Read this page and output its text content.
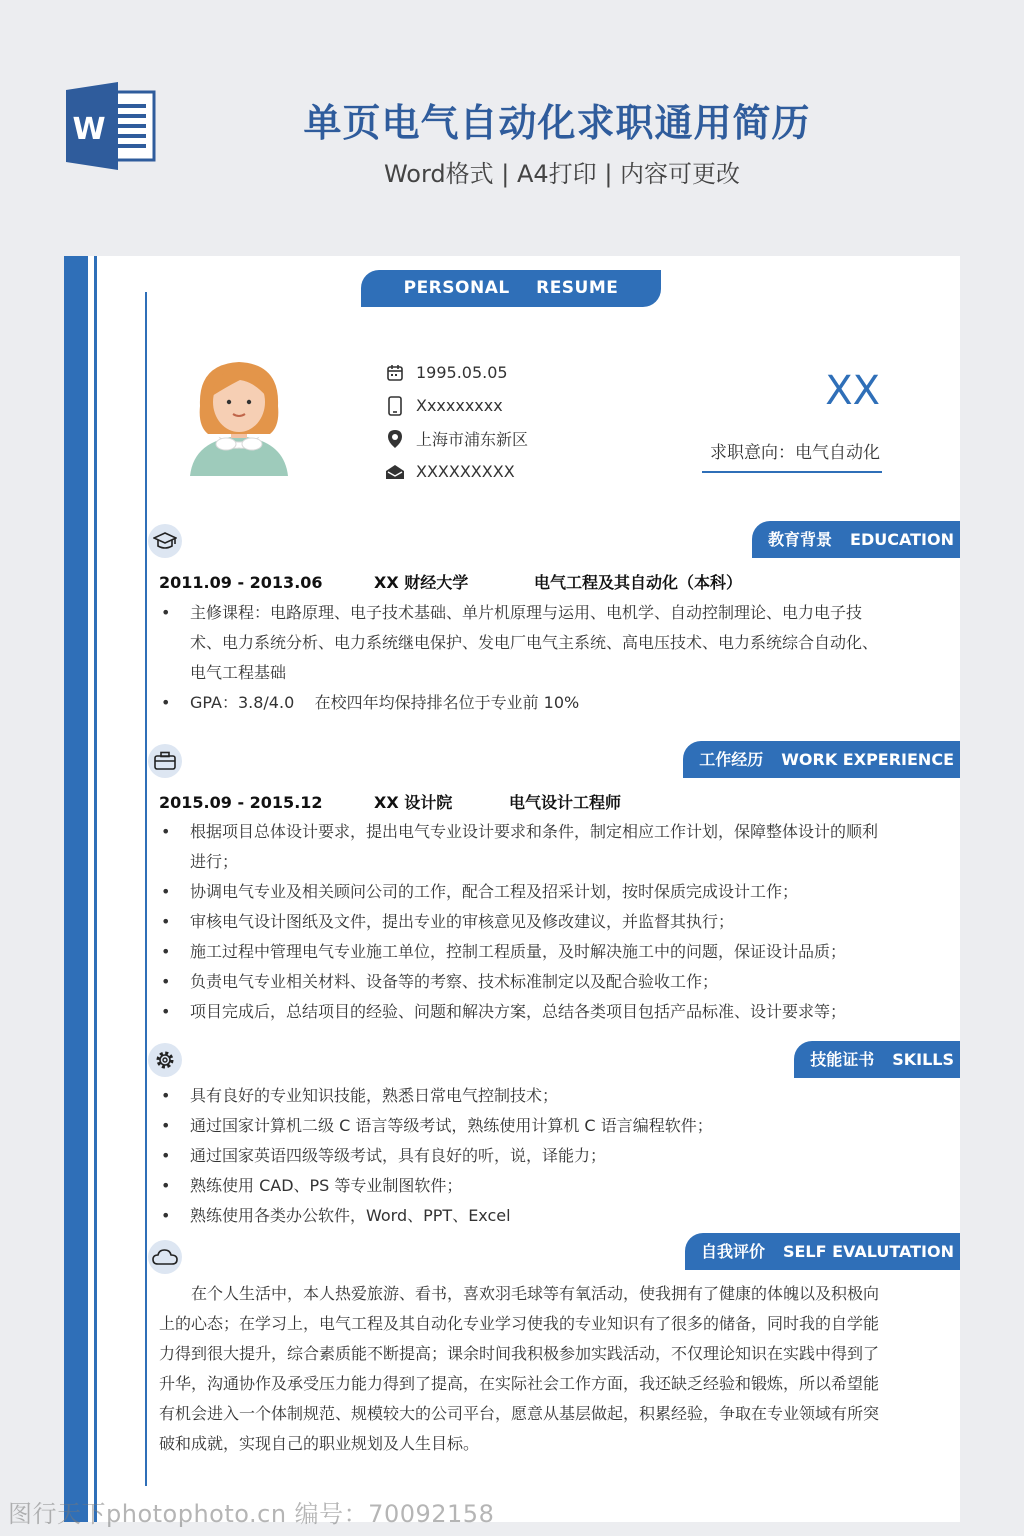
W	单页电气自动化求职通用简历
Word格式 | A4打印 | 内容可更改
PERSONAL RESUME
1995.05.05
Xxxxxxxxx
上海市浦东新区
XXXXXXXXX
XX
求职意向：电气自动化
教育背景 EDUCATION
2011.09 - 2013.06	XX 财经大学	电气工程及其自动化（本科）
• 主修课程：电路原理、电子技术基础、单片机原理与运用、电机学、自动控制理论、电力电子技术、电力系统分析、电力系统继电保护、发电厂电气主系统、高电压技术、电力系统综合自动化、电气工程基础
• GPA：3.8/4.0    在校四年均保持排名位于专业前 10%
工作经历 WORK EXPERIENCE
2015.09 - 2015.12	XX 设计院	电气设计工程师
• 根据项目总体设计要求，提出电气专业设计要求和条件，制定相应工作计划，保障整体设计的顺利进行；
• 协调电气专业及相关顾问公司的工作，配合工程及招采计划，按时保质完成设计工作；
• 审核电气设计图纸及文件，提出专业的审核意见及修改建议，并监督其执行；
• 施工过程中管理电气专业施工单位，控制工程质量，及时解决施工中的问题，保证设计品质；
• 负责电气专业相关材料、设备等的考察、技术标准制定以及配合验收工作；
• 项目完成后，总结项目的经验、问题和解决方案，总结各类项目包括产品标准、设计要求等；
技能证书 SKILLS
• 具有良好的专业知识技能，熟悉日常电气控制技术；
• 通过国家计算机二级 C 语言等级考试，熟练使用计算机 C 语言编程软件；
• 通过国家英语四级等级考试，具有良好的听，说，译能力；
• 熟练使用 CAD、PS 等专业制图软件；
• 熟练使用各类办公软件，Word、PPT、Excel
自我评价 SELF EVALUTATION
在个人生活中，本人热爱旅游、看书，喜欢羽毛球等有氧活动，使我拥有了健康的体魄以及积极向上的心态；在学习上，电气工程及其自动化专业学习使我的专业知识有了很多的储备，同时我的自学能力得到很大提升，综合素质能不断提高；课余时间我积极参加实践活动，不仅理论知识在实践中得到了升华，沟通协作及承受压力能力得到了提高，在实际社会工作方面，我还缺乏经验和锻炼，所以希望能有机会进入一个体制规范、规模较大的公司平台，愿意从基层做起，积累经验，争取在专业领域有所突破和成就，实现自己的职业规划及人生目标。
图行天下photophoto.cn 编号：70092158
